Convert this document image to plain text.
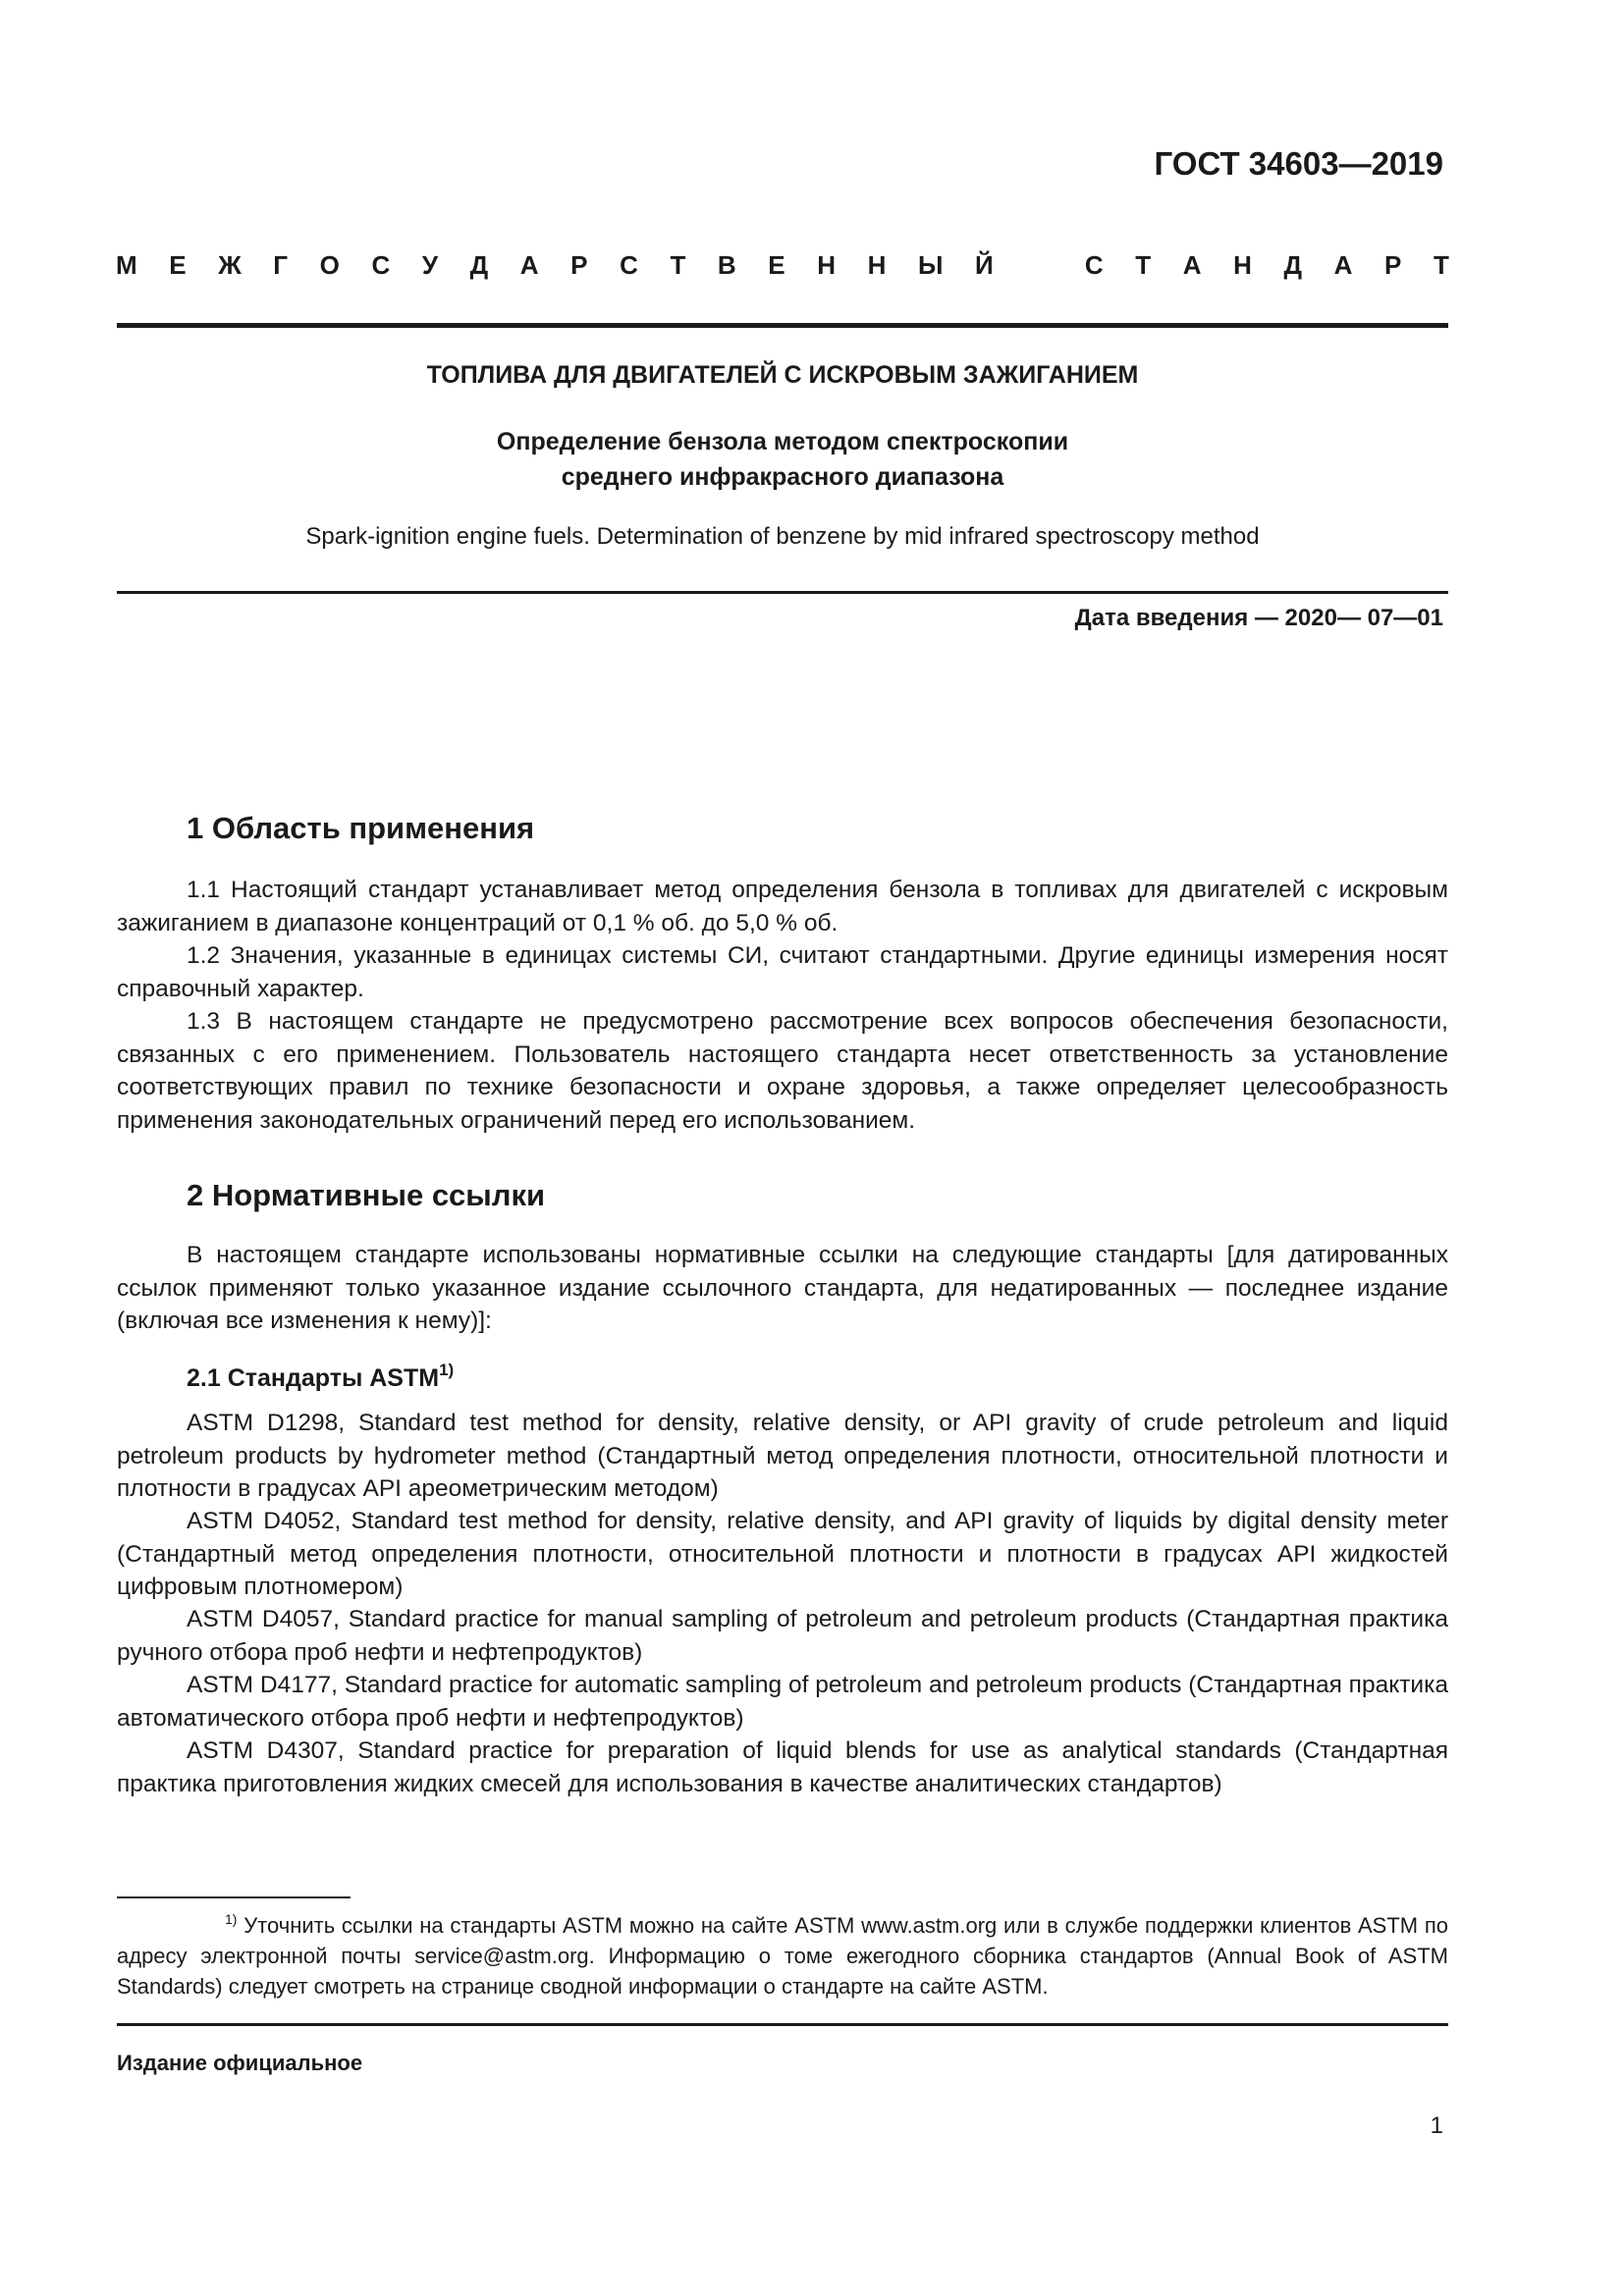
ГОСТ 34603—2019
М Е Ж Г О С У Д А Р С Т В Е Н Н Ы Й	С Т А Н Д А Р Т
ТОПЛИВА ДЛЯ ДВИГАТЕЛЕЙ С ИСКРОВЫМ ЗАЖИГАНИЕМ
Определение бензола методом спектроскопии
среднего инфракрасного диапазона
Spark-ignition engine fuels. Determination of benzene by mid infrared spectroscopy method
Дата введения — 2020— 07—01
1 Область применения

1.1 Настоящий стандарт устанавливает метод определения бензола в топливах для двигателей с искровым зажиганием в диапазоне концентраций от 0,1 % об. до 5,0 % об.

1.2 Значения, указанные в единицах системы СИ, считают стандартными. Другие единицы измерения носят справочный характер.

1.3 В настоящем стандарте не предусмотрено рассмотрение всех вопросов обеспечения безопасности, связанных с его применением. Пользователь настоящего стандарта несет ответственность за установление соответствующих правил по технике безопасности и охране здоровья, а также определяет целесообразность применения законодательных ограничений перед его использованием.

2 Нормативные ссылки

В настоящем стандарте использованы нормативные ссылки на следующие стандарты [для датированных ссылок применяют только указанное издание ссылочного стандарта, для недатированных — последнее издание (включая все изменения к нему)]:

2.1 Стандарты ASTM$^{1)}$

ASTM D1298, Standard test method for density, relative density, or API gravity of crude petroleum and liquid petroleum products by hydrometer method (Стандартный метод определения плотности, относительной плотности и плотности в градусах API ареометрическим методом)

ASTM D4052, Standard test method for density, relative density, and API gravity of liquids by digital density meter (Стандартный метод определения плотности, относительной плотности и плотности в градусах API жидкостей цифровым плотномером)

ASTM D4057, Standard practice for manual sampling of petroleum and petroleum products (Стандартная практика ручного отбора проб нефти и нефтепродуктов)

ASTM D4177, Standard practice for automatic sampling of petroleum and petroleum products (Стандартная практика автоматического отбора проб нефти и нефтепродуктов)

ASTM D4307, Standard practice for preparation of liquid blends for use as analytical standards (Стандартная практика приготовления жидких смесей для использования в качестве аналитических стандартов)

$^{1)}$ Уточнить ссылки на стандарты ASTM можно на сайте ASTM www.astm.org или в службе поддержки клиентов ASTM по адресу электронной почты service@astm.org. Информацию о томе ежегодного сборника стандартов (Annual Book of ASTM Standards) следует смотреть на странице сводной информации о стандарте на сайте ASTM.

Издание официальное
1
